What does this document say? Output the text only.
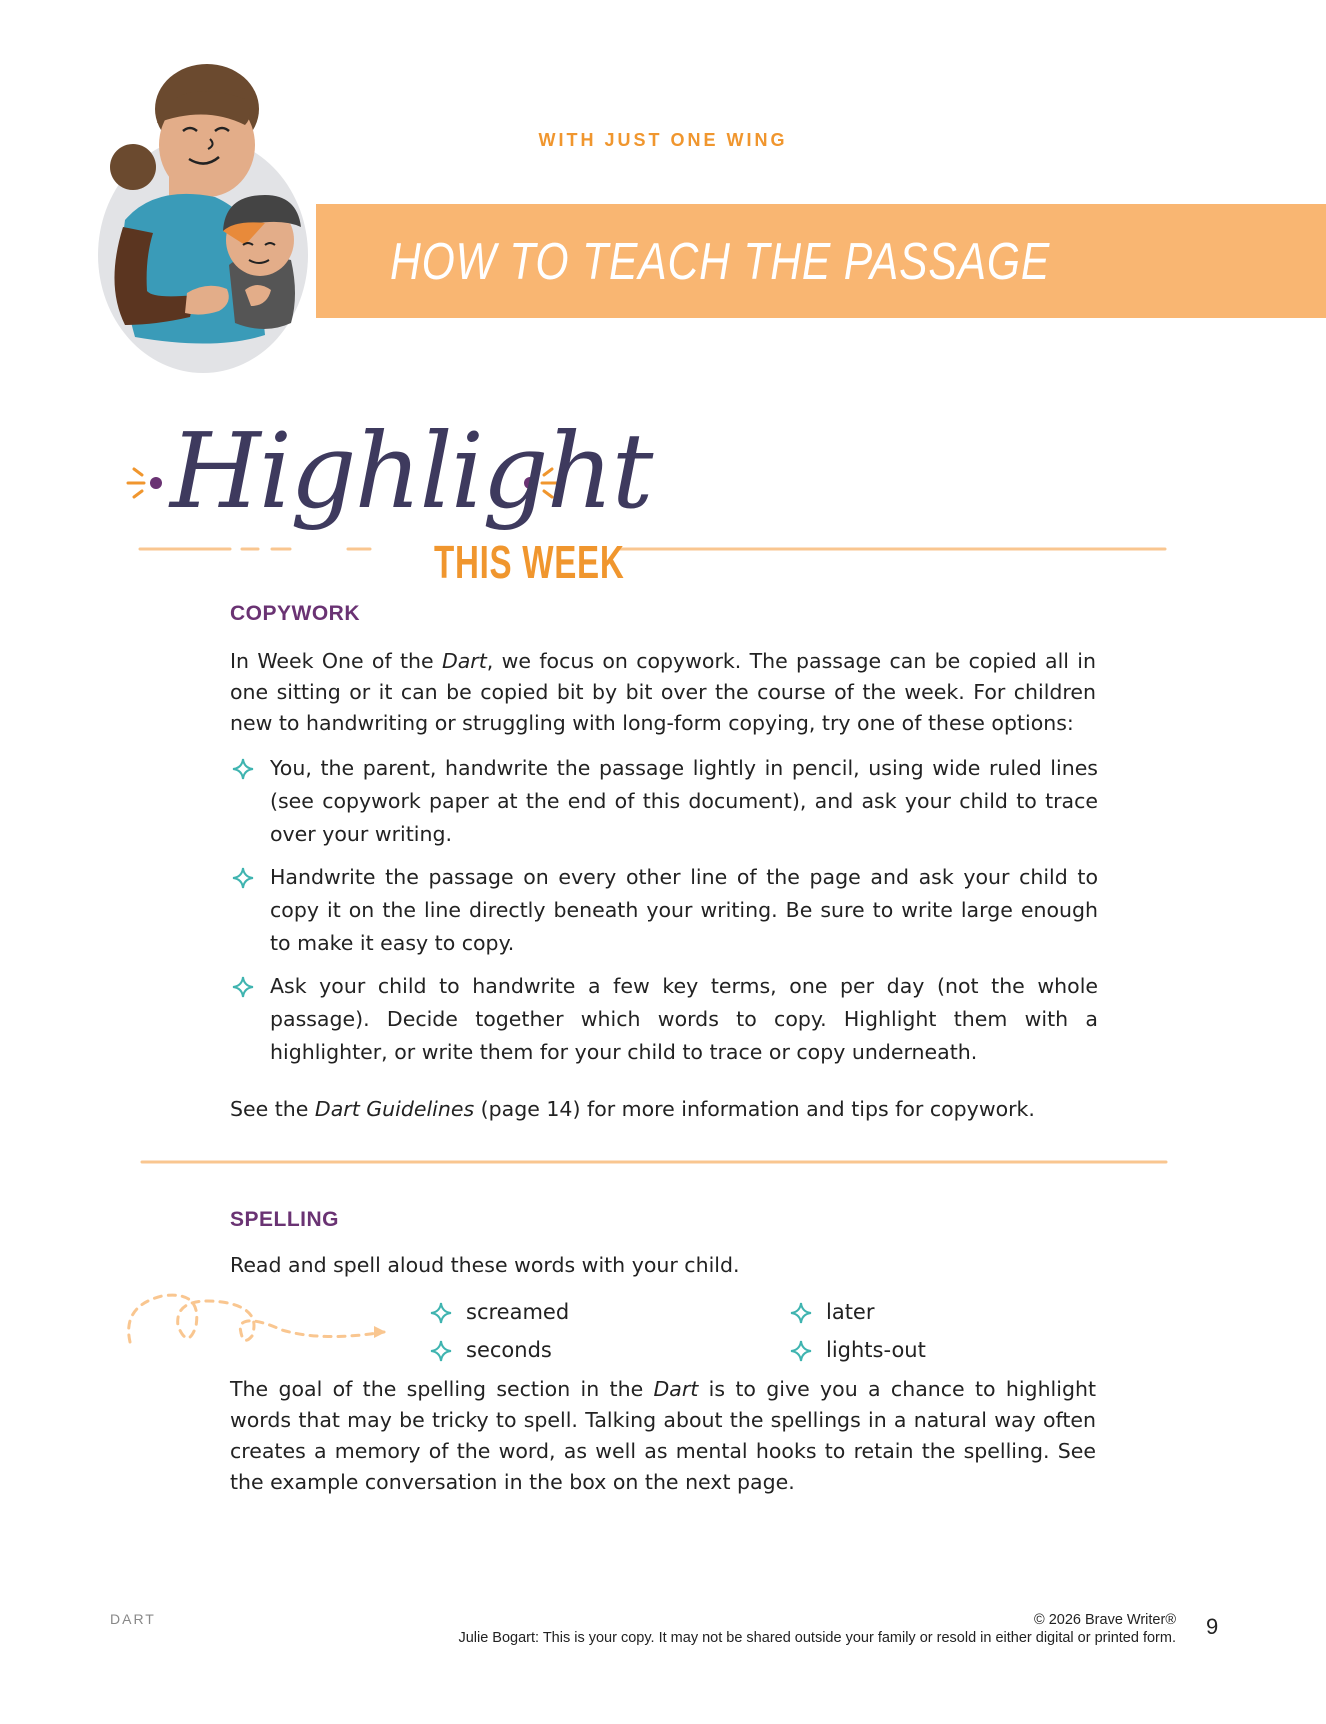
WITH JUST ONE WING
HOW TO TEACH THE PASSAGE
Highlight
THIS WEEK
COPYWORK
In Week One of the Dart, we focus on copywork. The passage can be copied all in one sitting or it can be copied bit by bit over the course of the week. For children new to handwriting or struggling with long-form copying, try one of these options:
You, the parent, handwrite the passage lightly in pencil, using wide ruled lines (see copywork paper at the end of this document), and ask your child to trace over your writing.
Handwrite the passage on every other line of the page and ask your child to copy it on the line directly beneath your writing. Be sure to write large enough to make it easy to copy.
Ask your child to handwrite a few key terms, one per day (not the whole passage). Decide together which words to copy. Highlight them with a highlighter, or write them for your child to trace or copy underneath.
See the Dart Guidelines (page 14) for more information and tips for copywork.
SPELLING
Read and spell aloud these words with your child.
screamed	later
seconds	lights-out
The goal of the spelling section in the Dart is to give you a chance to highlight words that may be tricky to spell. Talking about the spellings in a natural way often creates a memory of the word, as well as mental hooks to retain the spelling. See the example conversation in the box on the next page.
DART	© 2026 Brave Writer®
Julie Bogart: This is your copy. It may not be shared outside your family or resold in either digital or printed form. 9
